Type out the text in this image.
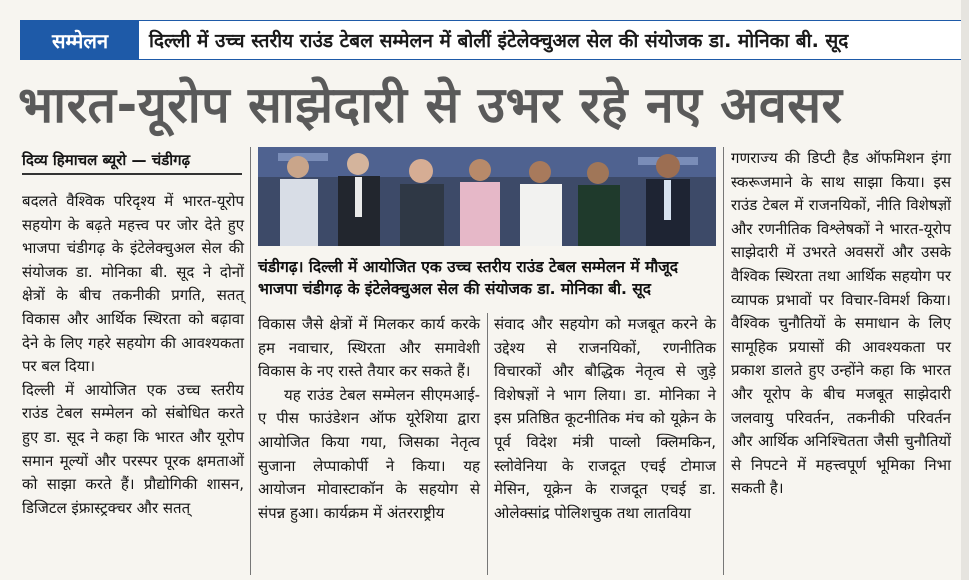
सम्मेलन	दिल्ली में उच्च स्तरीय राउंड टेबल सम्मेलन में बोलीं इंटेलेक्चुअल सेल की संयोजक डा. मोनिका बी. सूद
भारत-यूरोप साझेदारी से उभर रहे नए अवसर
दिव्य हिमाचल ब्यूरो — चंडीगढ़

बदलते वैश्विक परिदृश्य में भारत-यूरोप सहयोग के बढ़ते महत्त्व पर जोर देते हुए भाजपा चंडीगढ़ के इंटेलेक्चुअल सेल की संयोजक डा. मोनिका बी. सूद ने दोनों क्षेत्रों के बीच तकनीकी प्रगति, सतत् विकास और आर्थिक स्थिरता को बढ़ावा देने के लिए गहरे सहयोग की आवश्यकता पर बल दिया।

दिल्ली में आयोजित एक उच्च स्तरीय राउंड टेबल सम्मेलन को संबोधित करते हुए डा. सूद ने कहा कि भारत और यूरोप समान मूल्यों और परस्पर पूरक क्षमताओं को साझा करते हैं। प्रौद्योगिकी शासन, डिजिटल इंफ्रास्ट्रक्चर और सतत्

चंडीगढ़। दिल्ली में आयोजित एक उच्च स्तरीय राउंड टेबल सम्मेलन में मौजूद भाजपा चंडीगढ़ के इंटेलेक्चुअल सेल की संयोजक डा. मोनिका बी. सूद

विकास जैसे क्षेत्रों में मिलकर कार्य करके हम नवाचार, स्थिरता और समावेशी विकास के नए रास्ते तैयार कर सकते हैं।

यह राउंड टेबल सम्मेलन सीएमआई- ए पीस फाउंडेशन ऑफ यूरेशिया द्वारा आयोजित किया गया, जिसका नेतृत्व सुजाना लेप्पाकोर्पी ने किया। यह आयोजन मोवास्टाकॉन के सहयोग से संपन्न हुआ। कार्यक्रम में अंतरराष्ट्रीय

संवाद और सहयोग को मजबूत करने के उद्देश्य से राजनयिकों, रणनीतिक विचारकों और बौद्धिक नेतृत्व से जुड़े विशेषज्ञों ने भाग लिया। डा. मोनिका ने इस प्रतिष्ठित कूटनीतिक मंच को यूक्रेन के पूर्व विदेश मंत्री पाव्लो क्लिमकिन, स्लोवेनिया के राजदूत एचई टोमाज मेसिन, यूक्रेन के राजदूत एचई डा. ओलेक्सांद्र पोलिशचुक तथा लातविया

गणराज्य की डिप्टी हैड ऑफमिशन इंगा स्करूजमाने के साथ साझा किया। इस राउंड टेबल में राजनयिकों, नीति विशेषज्ञों और रणनीतिक विश्लेषकों ने भारत-यूरोप साझेदारी में उभरते अवसरों और उसके वैश्विक स्थिरता तथा आर्थिक सहयोग पर व्यापक प्रभावों पर विचार-विमर्श किया। वैश्विक चुनौतियों के समाधान के लिए सामूहिक प्रयासों की आवश्यकता पर प्रकाश डालते हुए उन्होंने कहा कि भारत और यूरोप के बीच मजबूत साझेदारी जलवायु परिवर्तन, तकनीकी परिवर्तन और आर्थिक अनिश्चितता जैसी चुनौतियों से निपटने में महत्त्वपूर्ण भूमिका निभा सकती है।
